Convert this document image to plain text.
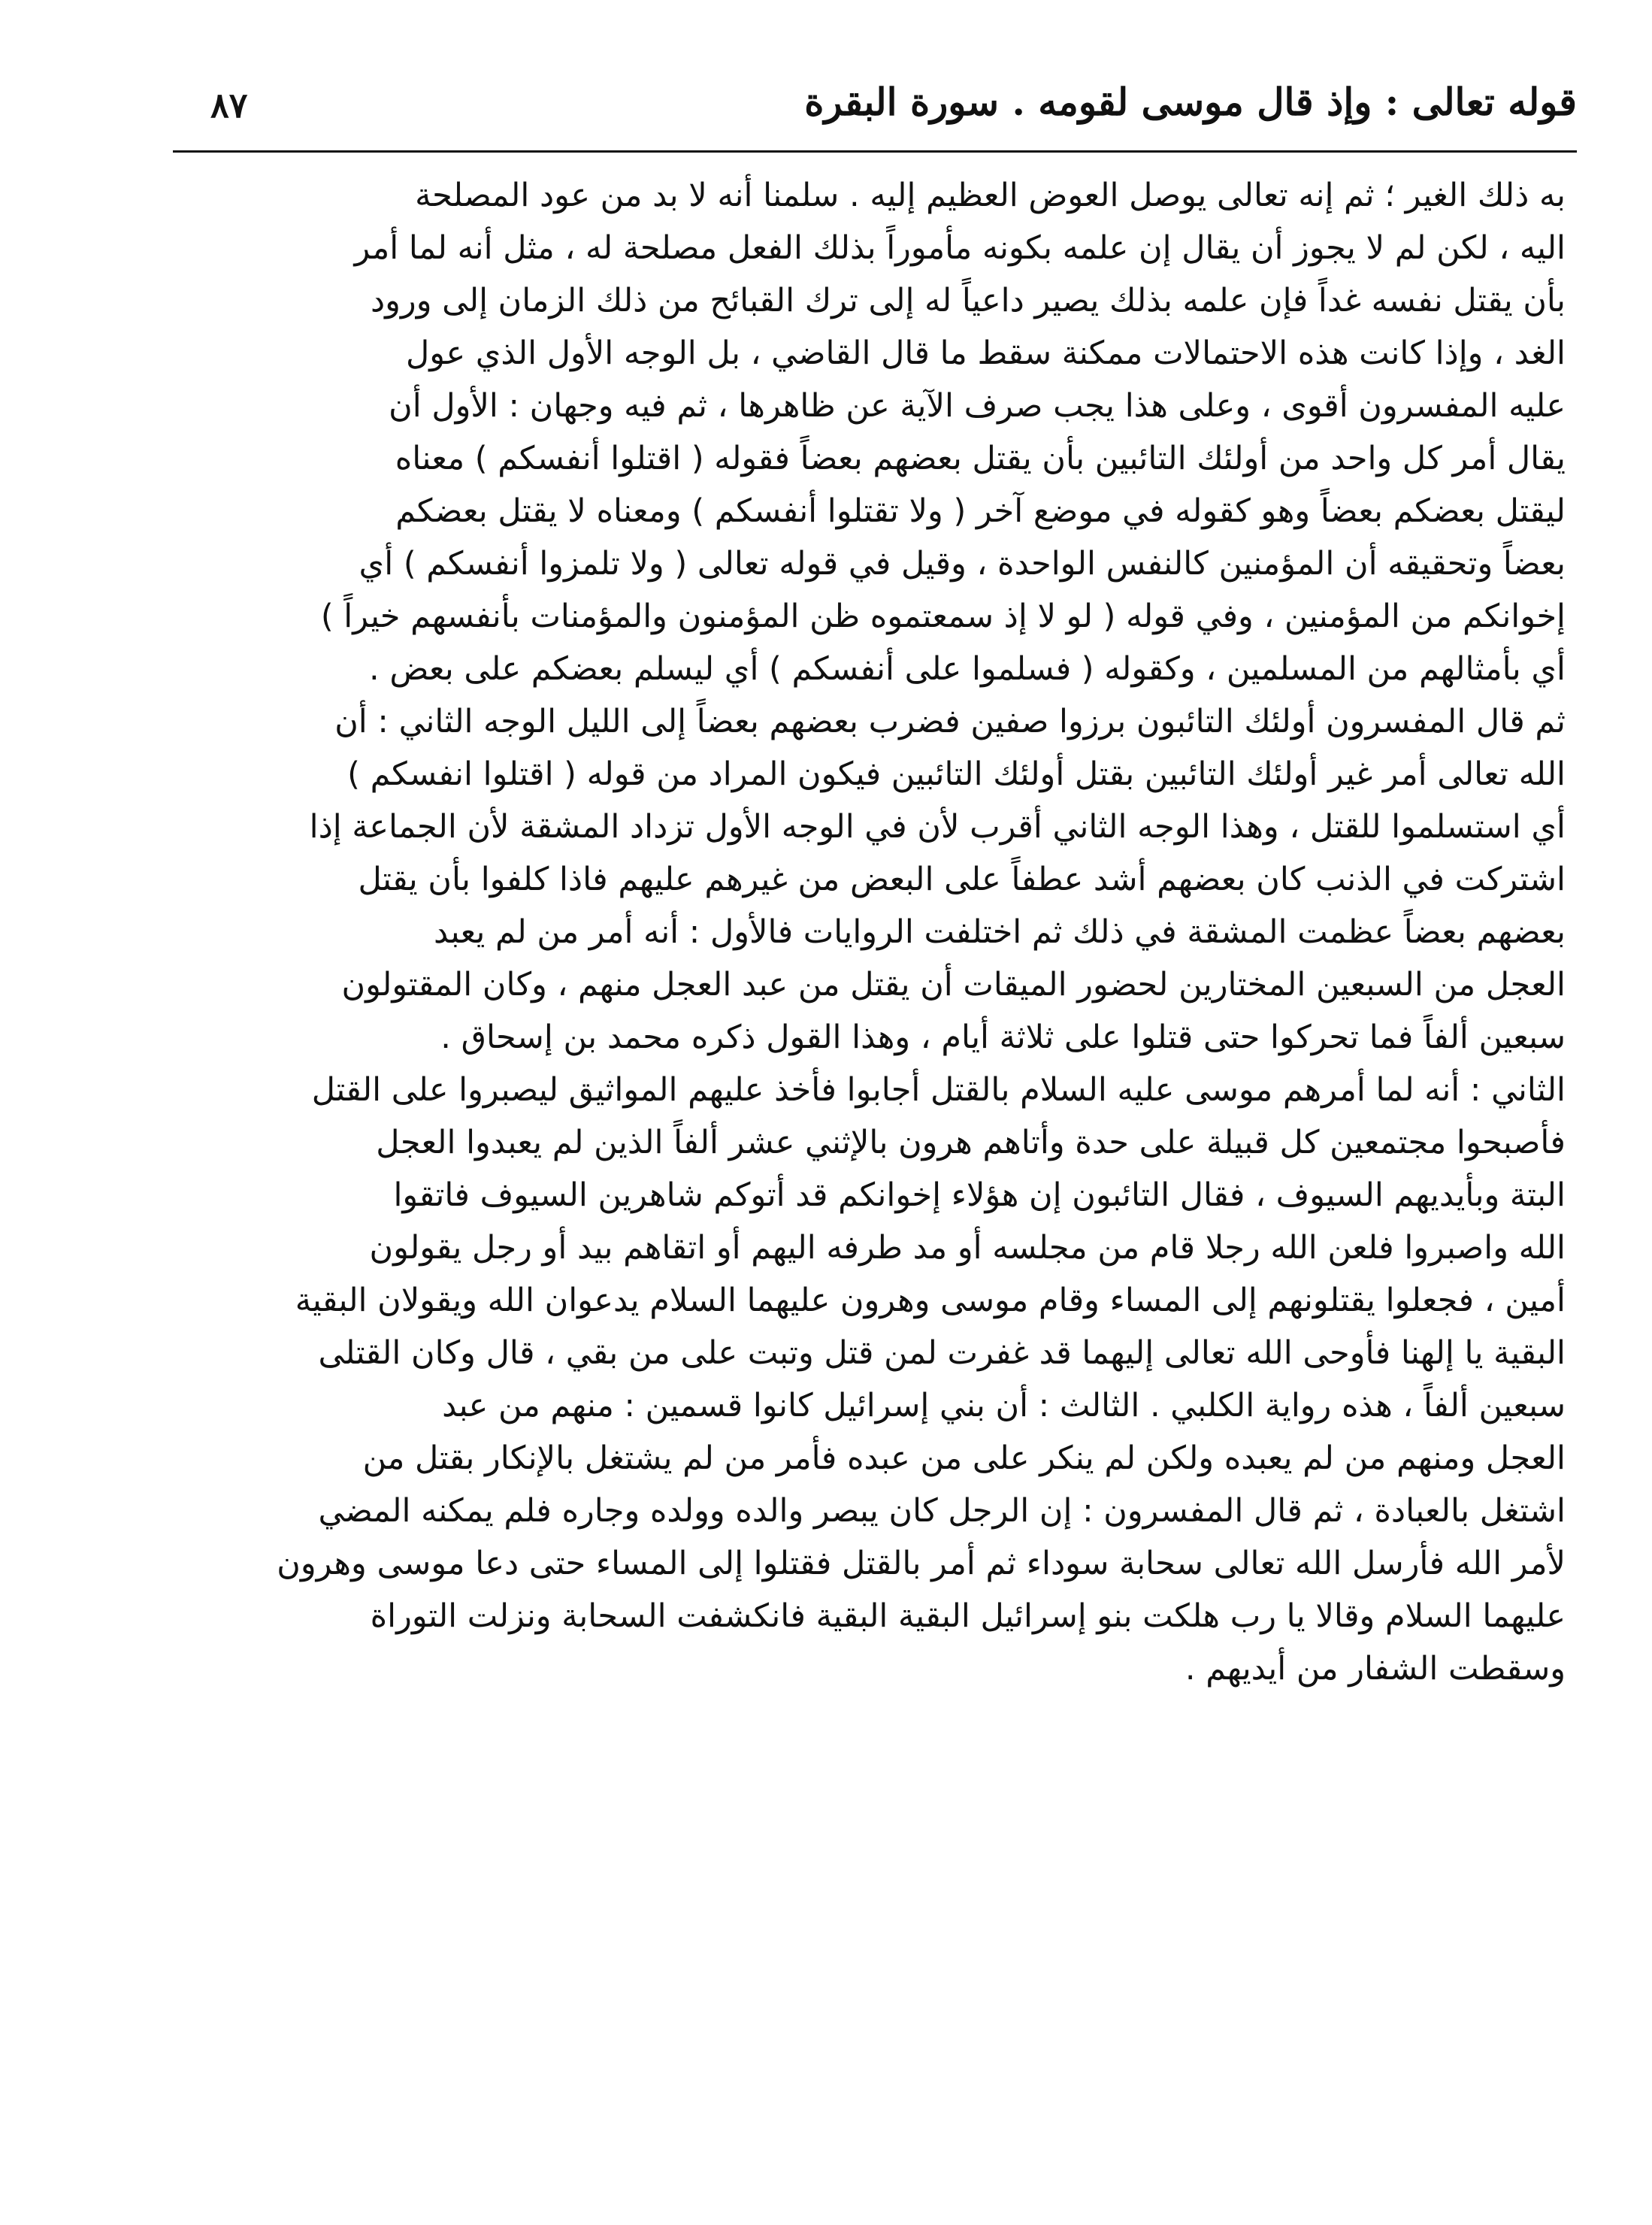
قوله تعالى : وإذ قال موسى لقومه . سورة البقرة
٨٧
به ذلك الغير ؛ ثم إنه تعالى يوصل العوض العظيم إليه . سلمنا أنه لا بد من عود المصلحة
اليه ، لكن لم لا يجوز أن يقال إن علمه بكونه مأموراً بذلك الفعل مصلحة له ، مثل أنه لما أمر
بأن يقتل نفسه غداً فإن علمه بذلك يصير داعياً له إلى ترك القبائح من ذلك الزمان إلى ورود
الغد ، وإذا كانت هذه الاحتمالات ممكنة سقط ما قال القاضي ، بل الوجه الأول الذي عول
عليه المفسرون أقوى ، وعلى هذا يجب صرف الآية عن ظاهرها ، ثم فيه وجهان : الأول أن
يقال أمر كل واحد من أولئك التائبين بأن يقتل بعضهم بعضاً فقوله ( اقتلوا أنفسكم ) معناه
ليقتل بعضكم بعضاً وهو كقوله في موضع آخر ( ولا تقتلوا أنفسكم ) ومعناه لا يقتل بعضكم
بعضاً وتحقيقه أن المؤمنين كالنفس الواحدة ، وقيل في قوله تعالى ( ولا تلمزوا أنفسكم ) أي
إخوانكم من المؤمنين ، وفي قوله ( لو لا إذ سمعتموه ظن المؤمنون والمؤمنات بأنفسهم خيراً )
أي بأمثالهم من المسلمين ، وكقوله ( فسلموا على أنفسكم ) أي ليسلم بعضكم على بعض .
ثم قال المفسرون أولئك التائبون برزوا صفين فضرب بعضهم بعضاً إلى الليل الوجه الثاني : أن
الله تعالى أمر غير أولئك التائبين بقتل أولئك التائبين فيكون المراد من قوله ( اقتلوا انفسكم )
أي استسلموا للقتل ، وهذا الوجه الثاني أقرب لأن في الوجه الأول تزداد المشقة لأن الجماعة إذا
اشتركت في الذنب كان بعضهم أشد عطفاً على البعض من غيرهم عليهم فاذا كلفوا بأن يقتل
بعضهم بعضاً عظمت المشقة في ذلك ثم اختلفت الروايات فالأول : أنه أمر من لم يعبد
العجل من السبعين المختارين لحضور الميقات أن يقتل من عبد العجل منهم ، وكان المقتولون
سبعين ألفاً فما تحركوا حتى قتلوا على ثلاثة أيام ، وهذا القول ذكره محمد بن إسحاق .
الثاني : أنه لما أمرهم موسى عليه السلام بالقتل أجابوا فأخذ عليهم المواثيق ليصبروا على القتل
فأصبحوا مجتمعين كل قبيلة على حدة وأتاهم هرون بالإثني عشر ألفاً الذين لم يعبدوا العجل
البتة وبأيديهم السيوف ، فقال التائبون إن هؤلاء إخوانكم قد أتوكم شاهرين السيوف فاتقوا
الله واصبروا فلعن الله رجلا قام من مجلسه أو مد طرفه اليهم أو اتقاهم بيد أو رجل يقولون
أمين ، فجعلوا يقتلونهم إلى المساء وقام موسى وهرون عليهما السلام يدعوان الله ويقولان البقية
البقية يا إلهنا فأوحى الله تعالى إليهما قد غفرت لمن قتل وتبت على من بقي ، قال وكان القتلى
سبعين ألفاً ، هذه رواية الكلبي . الثالث : أن بني إسرائيل كانوا قسمين : منهم من عبد
العجل ومنهم من لم يعبده ولكن لم ينكر على من عبده فأمر من لم يشتغل بالإنكار بقتل من
اشتغل بالعبادة ، ثم قال المفسرون : إن الرجل كان يبصر والده وولده وجاره فلم يمكنه المضي
لأمر الله فأرسل الله تعالى سحابة سوداء ثم أمر بالقتل فقتلوا إلى المساء حتى دعا موسى وهرون
عليهما السلام وقالا يا رب هلكت بنو إسرائيل البقية البقية فانكشفت السحابة ونزلت التوراة
وسقطت الشفار من أيديهم .
